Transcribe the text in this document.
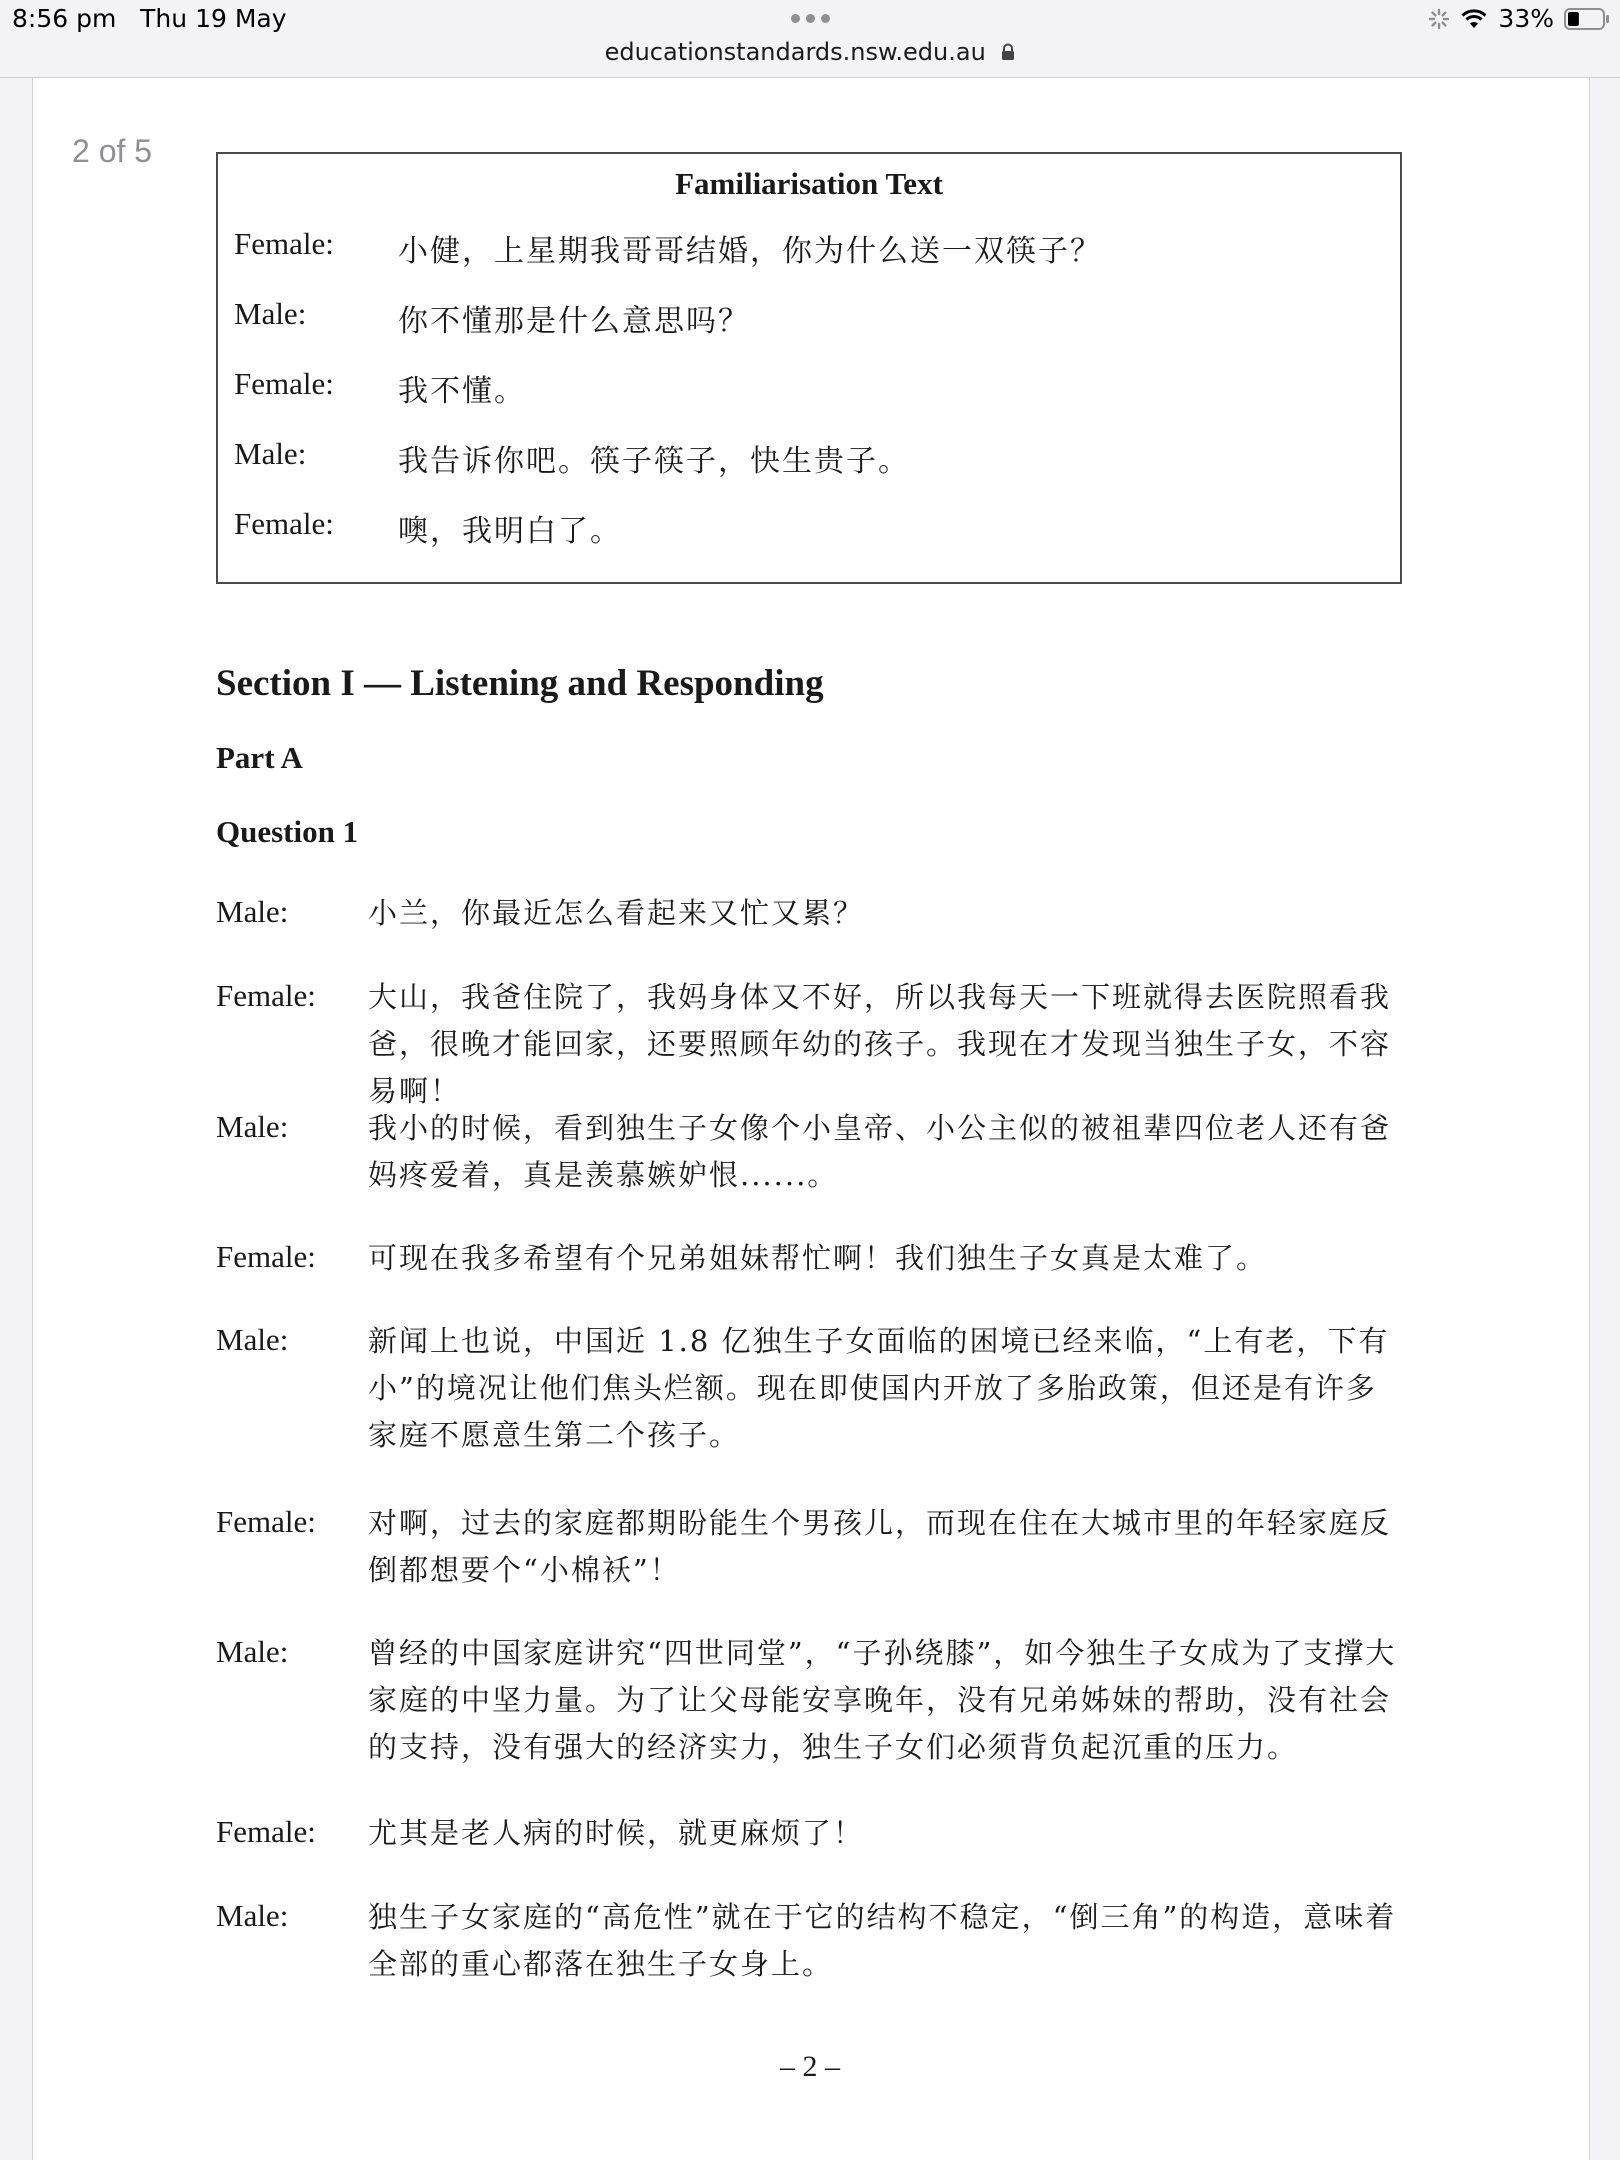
8:56 pm Thu 19 May	33%
educationstandards.nsw.edu.au
2 of 5
Familiarisation Text
Female: 小健，上星期我哥哥结婚，你为什么送一双筷子？
Male:	你不懂那是什么意思吗？
Female: 我不懂。
Male:	我告诉你吧。筷子筷子，快生贵子。
Female: 噢，我明白了。
Section I — Listening and Responding
Part A
Question 1
Male:	小兰，你最近怎么看起来又忙又累？
Female: 大山，我爸住院了，我妈身体又不好，所以我每天一下班就得去医院照看我爸，很晚才能回家，还要照顾年幼的孩子。我现在才发现当独生子女，不容易啊！
Male:	我小的时候，看到独生子女像个小皇帝、小公主似的被祖辈四位老人还有爸妈疼爱着，真是羡慕嫉妒恨......。
Female: 可现在我多希望有个兄弟姐妹帮忙啊！我们独生子女真是太难了。
Male:	新闻上也说，中国近 1.8 亿独生子女面临的困境已经来临，“上有老，下有小”的境况让他们焦头烂额。现在即使国内开放了多胎政策，但还是有许多家庭不愿意生第二个孩子。
Female: 对啊，过去的家庭都期盼能生个男孩儿，而现在住在大城市里的年轻家庭反倒都想要个“小棉袄”！
Male:	曾经的中国家庭讲究“四世同堂”，“子孙绕膝”，如今独生子女成为了支撑大家庭的中坚力量。为了让父母能安享晚年，没有兄弟姊妹的帮助，没有社会的支持，没有强大的经济实力，独生子女们必须背负起沉重的压力。
Female: 尤其是老人病的时候，就更麻烦了！
Male:	独生子女家庭的“高危性”就在于它的结构不稳定，“倒三角”的构造，意味着全部的重心都落在独生子女身上。
– 2 –
